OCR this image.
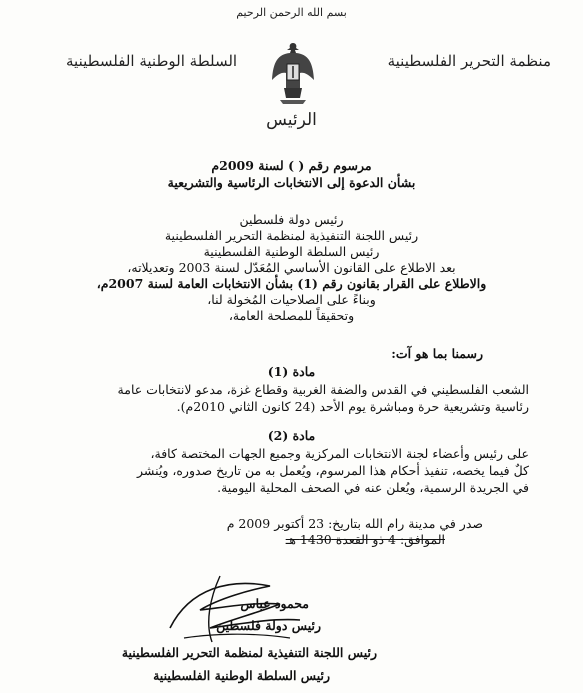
بسم الله الرحمن الرحيم
منظمة التحرير الفلسطينية
السلطة الوطنية الفلسطينية
الرئيس
مرسوم رقم ( ) لسنة 2009م
بشأن الدعوة إلى الانتخابات الرئاسية والتشريعية
رئيس دولة فلسطين
رئيس اللجنة التنفيذية لمنظمة التحرير الفلسطينية
رئيس السلطة الوطنية الفلسطينية
بعد الاطلاع على القانون الأساسي المُعَدّل لسنة 2003 وتعديلاته،
والاطلاع على القرار بقانون رقم (1) بشأن الانتخابات العامة لسنة 2007م،
وبناءً على الصلاحيات المُخولة لنا،
وتحقيقاً للمصلحة العامة،
رسمنا بما هو آت:
مادة (1)
الشعب الفلسطيني في القدس والضفة الغربية وقطاع غزة، مدعو لانتخابات عامة
رئاسية وتشريعية حرة ومباشرة يوم الأحد (24 كانون الثاني 2010م).
مادة (2)
على رئيس وأعضاء لجنة الانتخابات المركزية وجميع الجهات المختصة كافة،
كلٌ فيما يخصه، تنفيذ أحكام هذا المرسوم، ويُعمل به من تاريخ صدوره، ويُنشر
في الجريدة الرسمية، ويُعلن عنه في الصحف المحلية اليومية.
صدر في مدينة رام الله بتاريخ: 23 أكتوبر 2009 م
الموافق: 4 ذو القعدة 1430 هـ
محمود عباس
رئيس دولة فلسطين
رئيس اللجنة التنفيذية لمنظمة التحرير الفلسطينية
رئيس السلطة الوطنية الفلسطينية
